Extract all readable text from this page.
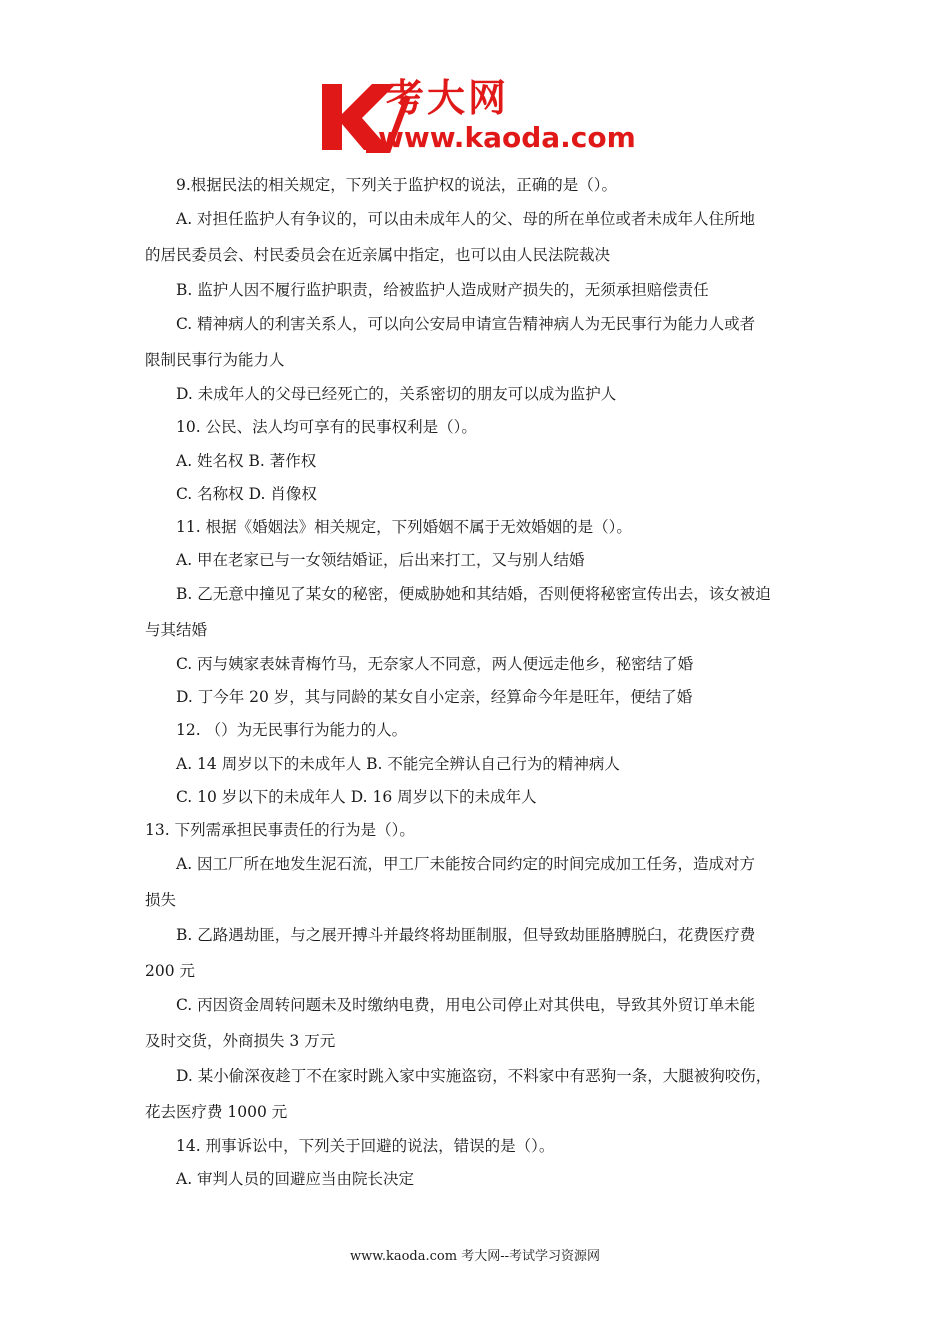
考大网
www.kaoda.com
9.根据民法的相关规定，下列关于监护权的说法，正确的是（）。
A. 对担任监护人有争议的，可以由未成年人的父、母的所在单位或者未成年人住所地
的居民委员会、村民委员会在近亲属中指定，也可以由人民法院裁决
B. 监护人因不履行监护职责，给被监护人造成财产损失的，无须承担赔偿责任
C. 精神病人的利害关系人，可以向公安局申请宣告精神病人为无民事行为能力人或者
限制民事行为能力人
D. 未成年人的父母已经死亡的，关系密切的朋友可以成为监护人
10. 公民、法人均可享有的民事权利是（）。
A. 姓名权 B. 著作权
C. 名称权 D. 肖像权
11. 根据《婚姻法》相关规定，下列婚姻不属于无效婚姻的是（）。
A. 甲在老家已与一女领结婚证，后出来打工，又与别人结婚
B. 乙无意中撞见了某女的秘密，便威胁她和其结婚，否则便将秘密宣传出去，该女被迫
与其结婚
C. 丙与姨家表妹青梅竹马，无奈家人不同意，两人便远走他乡，秘密结了婚
D. 丁今年 20 岁，其与同龄的某女自小定亲，经算命今年是旺年，便结了婚
12. （）为无民事行为能力的人。
A. 14 周岁以下的未成年人 B. 不能完全辨认自己行为的精神病人
C. 10 岁以下的未成年人 D. 16 周岁以下的未成年人
13. 下列需承担民事责任的行为是（）。
A. 因工厂所在地发生泥石流，甲工厂未能按合同约定的时间完成加工任务，造成对方
损失
B. 乙路遇劫匪，与之展开搏斗并最终将劫匪制服，但导致劫匪胳膊脱臼，花费医疗费
200 元
C. 丙因资金周转问题未及时缴纳电费，用电公司停止对其供电，导致其外贸订单未能
及时交货，外商损失 3 万元
D. 某小偷深夜趁丁不在家时跳入家中实施盗窃，不料家中有恶狗一条，大腿被狗咬伤，
花去医疗费 1000 元
14. 刑事诉讼中，下列关于回避的说法，错误的是（）。
A. 审判人员的回避应当由院长决定
www.kaoda.com 考大网--考试学习资源网
